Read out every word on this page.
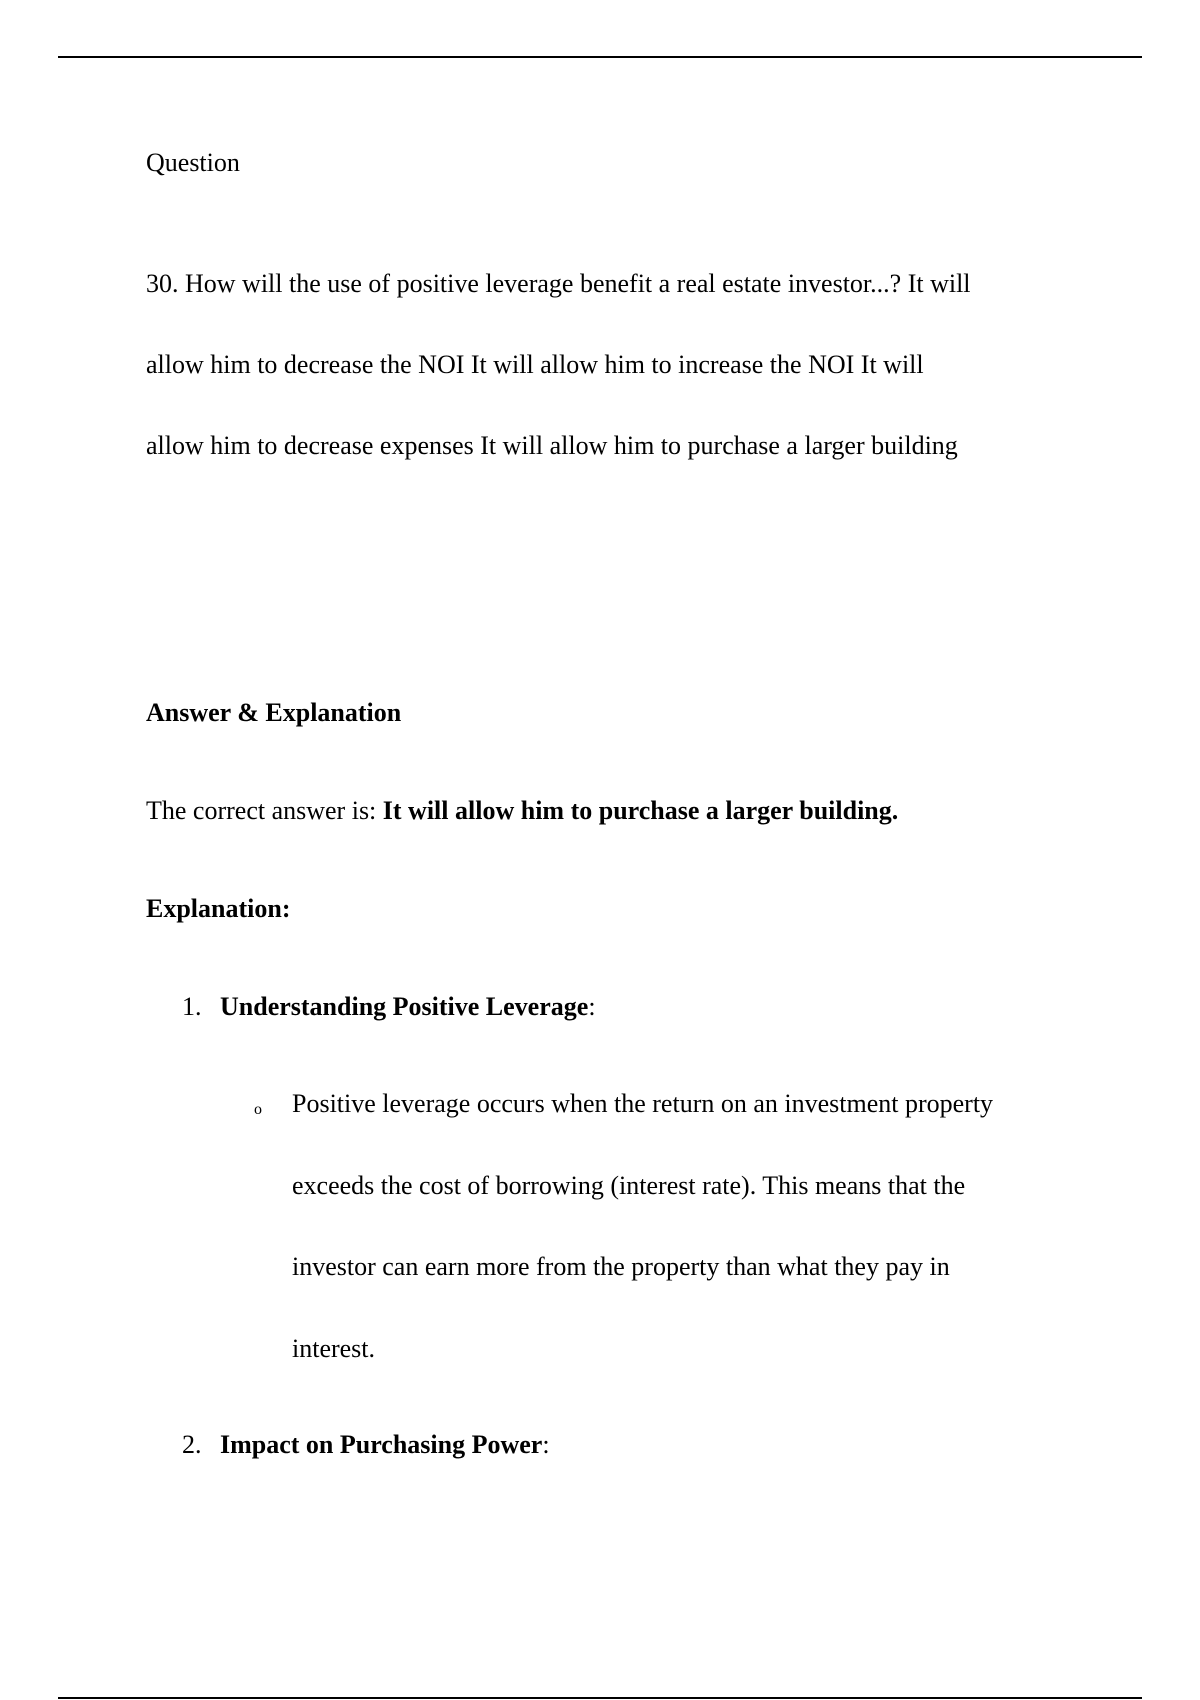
Question

30. How will the use of positive leverage benefit a real estate investor...? It will
allow him to decrease the NOI It will allow him to increase the NOI It will
allow him to decrease expenses It will allow him to purchase a larger building

Answer & Explanation
The correct answer is: It will allow him to purchase a larger building.
Explanation:
1. Understanding Positive Leverage:
o Positive leverage occurs when the return on an investment property
exceeds the cost of borrowing (interest rate). This means that the
investor can earn more from the property than what they pay in
interest.
2. Impact on Purchasing Power:
